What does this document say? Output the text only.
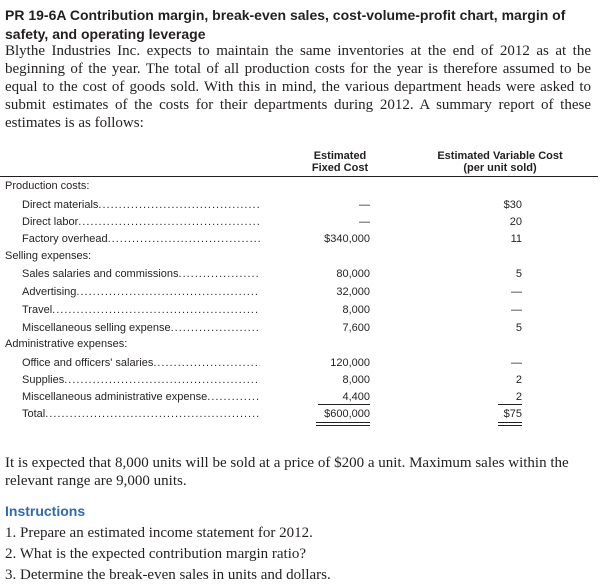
PR 19-6A Contribution margin, break-even sales, cost-volume-profit chart, margin of safety, and operating leverage
Blythe Industries Inc. expects to maintain the same inventories at the end of 2012 as at the beginning of the year. The total of all production costs for the year is therefore assumed to be equal to the cost of goods sold. With this in mind, the various department heads were asked to submit estimates of the costs for their departments during 2012. A summary report of these estimates is as follows:
Estimated
Fixed Cost
Estimated Variable Cost
(per unit sold)
Production costs:
Direct materials .....	—	$30
Direct labor .....	—	20
Factory overhead .....	$340,000	11
Selling expenses:
Sales salaries and commissions .....	80,000	5
Advertising .....	32,000	—
Travel .....	8,000	—
Miscellaneous selling expense .....	7,600	5
Administrative expenses:
Office and officers' salaries .....	120,000	—
Supplies .....	8,000	2
Miscellaneous administrative expense .....	4,400	2
Total .....	$600,000	$75
It is expected that 8,000 units will be sold at a price of $200 a unit. Maximum sales within the relevant range are 9,000 units.
Instructions
1. Prepare an estimated income statement for 2012.
2. What is the expected contribution margin ratio?
3. Determine the break-even sales in units and dollars.
